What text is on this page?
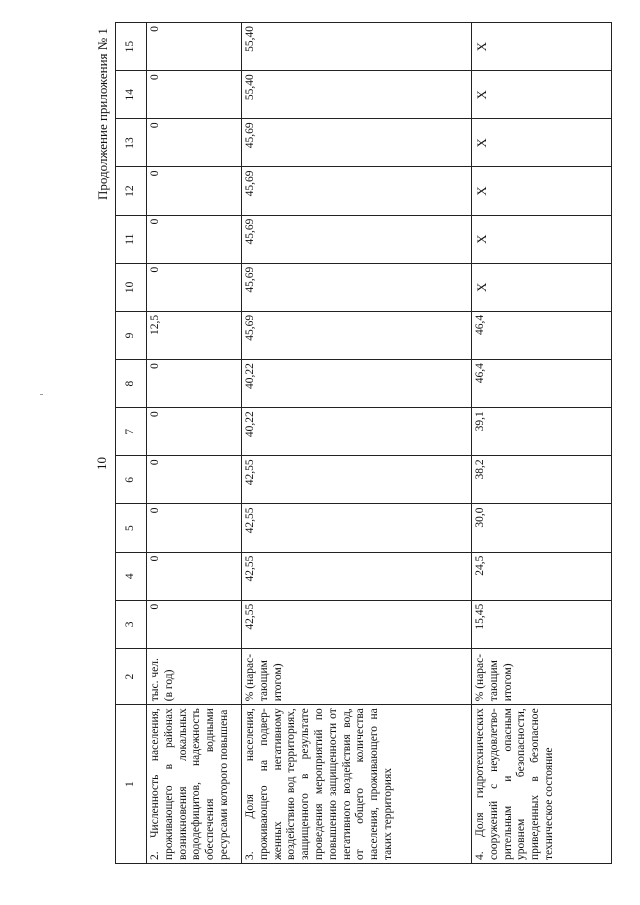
10
Продолжение приложения № 1
1	2	3	4	5	6	7	8	9	10	11	12	13	14	15
2. Численность населения, проживающего в районах возникновения локальных вододефицитов, надежность обеспечения водными ресурсами которого повышена	тыс. чел. (в год)	0	0	0	0	0	0	12,5	0	0	0	0	0	0
3. Доля населения, проживающего на подвер-женных негативному воздействию вод территориях, защищенного в результате проведения мероприятий по повышению защищенности от негативного воздействия вод, от общего количества населения, проживающего на таких территориях	% (нарас-тающим итогом)	42,55	42,55	42,55	42,55	40,22	40,22	45,69	45,69	45,69	45,69	45,69	55,40	55,40
4. Доля гидротехнических сооружений с неудовлетво-рительным и опасным уровнем безопасности, приведенных в безопасное техническое состояние	% (нарас-тающим итогом)	15,45	24,5	30,0	38,2	39,1	46,4	46,4	Х	Х	Х	Х	Х	Х
